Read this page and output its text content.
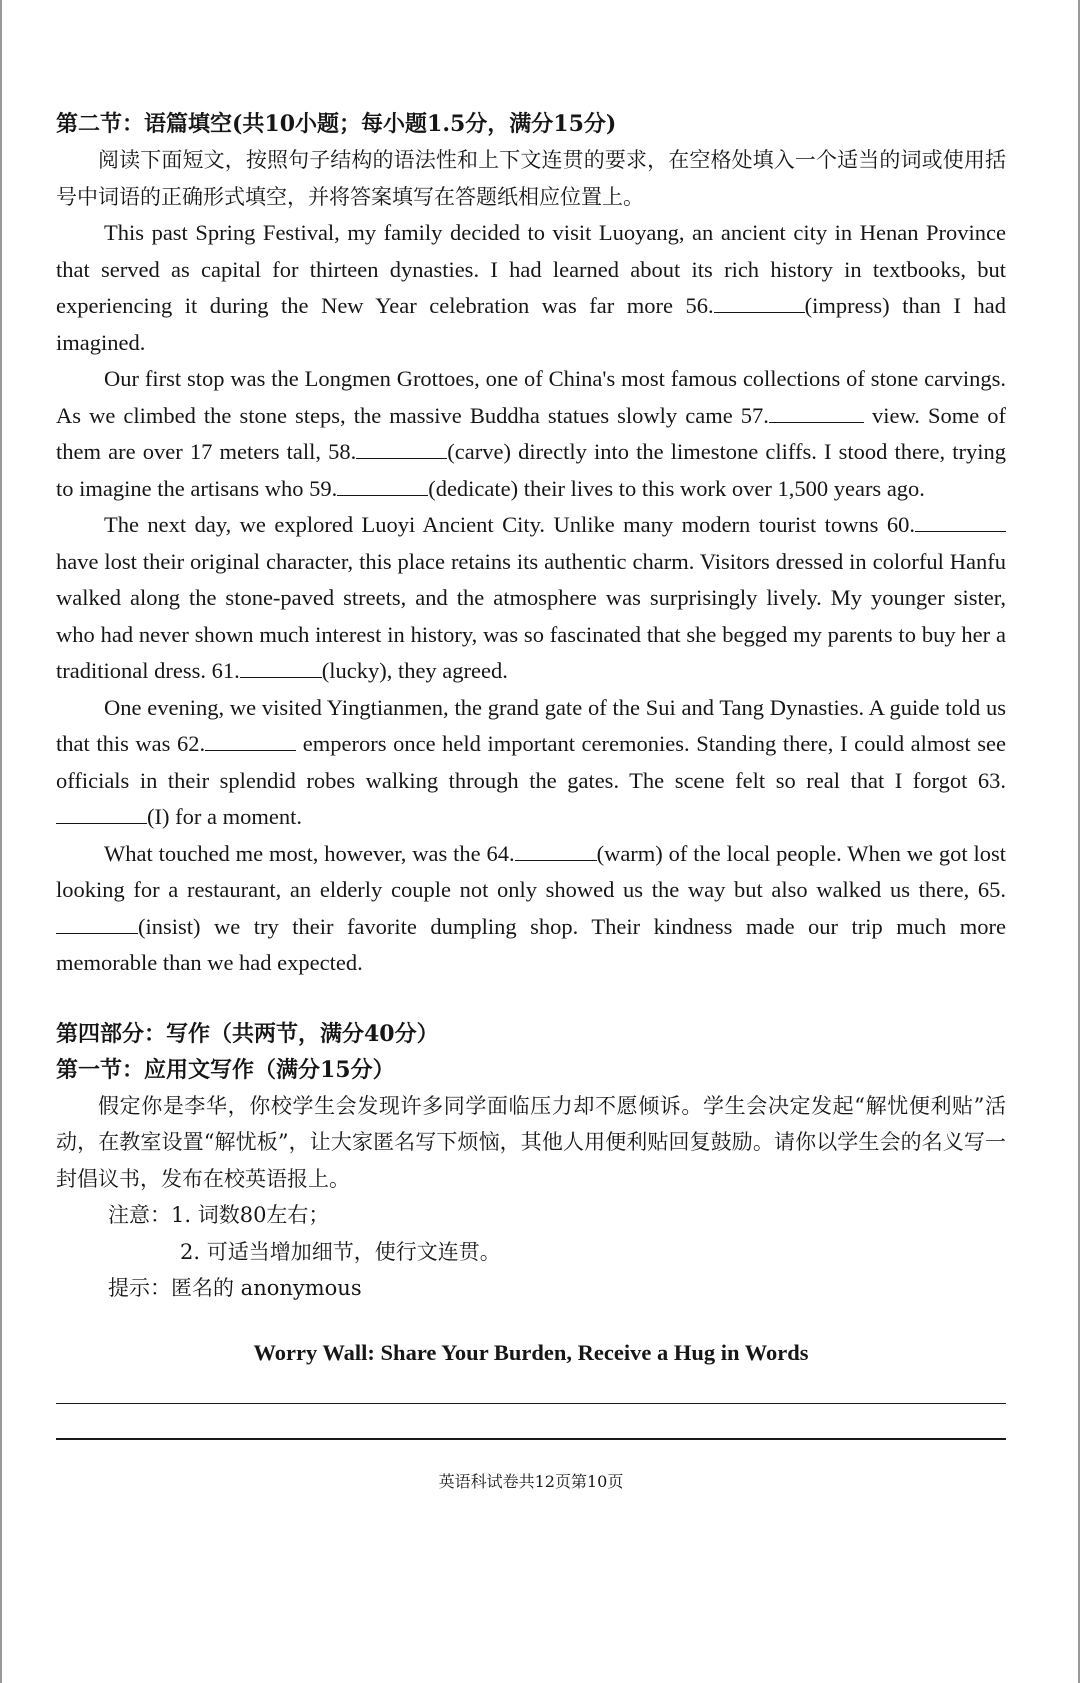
第二节：语篇填空(共10小题；每小题1.5分，满分15分)

阅读下面短文，按照句子结构的语法性和上下文连贯的要求，在空格处填入一个适当的词或使用括号中词语的正确形式填空，并将答案填写在答题纸相应位置上。

This past Spring Festival, my family decided to visit Luoyang, an ancient city in Henan Province that served as capital for thirteen dynasties. I had learned about its rich history in textbooks, but experiencing it during the New Year celebration was far more 56.	(impress) than I had imagined.

Our first stop was the Longmen Grottoes, one of China's most famous collections of stone carvings. As we climbed the stone steps, the massive Buddha statues slowly came 57.	view. Some of them are over 17 meters tall, 58.	(carve) directly into the limestone cliffs. I stood there, trying to imagine the artisans who 59.	(dedicate) their lives to this work over 1,500 years ago.

The next day, we explored Luoyi Ancient City. Unlike many modern tourist towns 60. have lost their original character, this place retains its authentic charm. Visitors dressed in colorful Hanfu walked along the stone-paved streets, and the atmosphere was surprisingly lively. My younger sister, who had never shown much interest in history, was so fascinated that she begged my parents to buy her a traditional dress. 61.	(lucky), they agreed.

One evening, we visited Yingtianmen, the grand gate of the Sui and Tang Dynasties. A guide told us that this was 62.	emperors once held important ceremonies. Standing there, I could almost see officials in their splendid robes walking through the gates. The scene felt so real that I forgot 63.(I) for a moment.

What touched me most, however, was the 64.	(warm) of the local people. When we got lost looking for a restaurant, an elderly couple not only showed us the way but also walked us there, 65.(insist) we try their favorite dumpling shop. Their kindness made our trip much more memorable than we had expected.

第四部分：写作（共两节，满分40分）

第一节：应用文写作（满分15分）

假定你是李华，你校学生会发现许多同学面临压力却不愿倾诉。学生会决定发起“解忧便利贴”活动，在教室设置“解忧板”，让大家匿名写下烦恼，其他人用便利贴回复鼓励。请你以学生会的名义写一封倡议书，发布在校英语报上。

注意：1. 词数80左右；

2. 可适当增加细节，使行文连贯。

提示：匿名的 anonymous

Worry Wall: Share Your Burden, Receive a Hug in Words

英语科试卷共12页第10页
